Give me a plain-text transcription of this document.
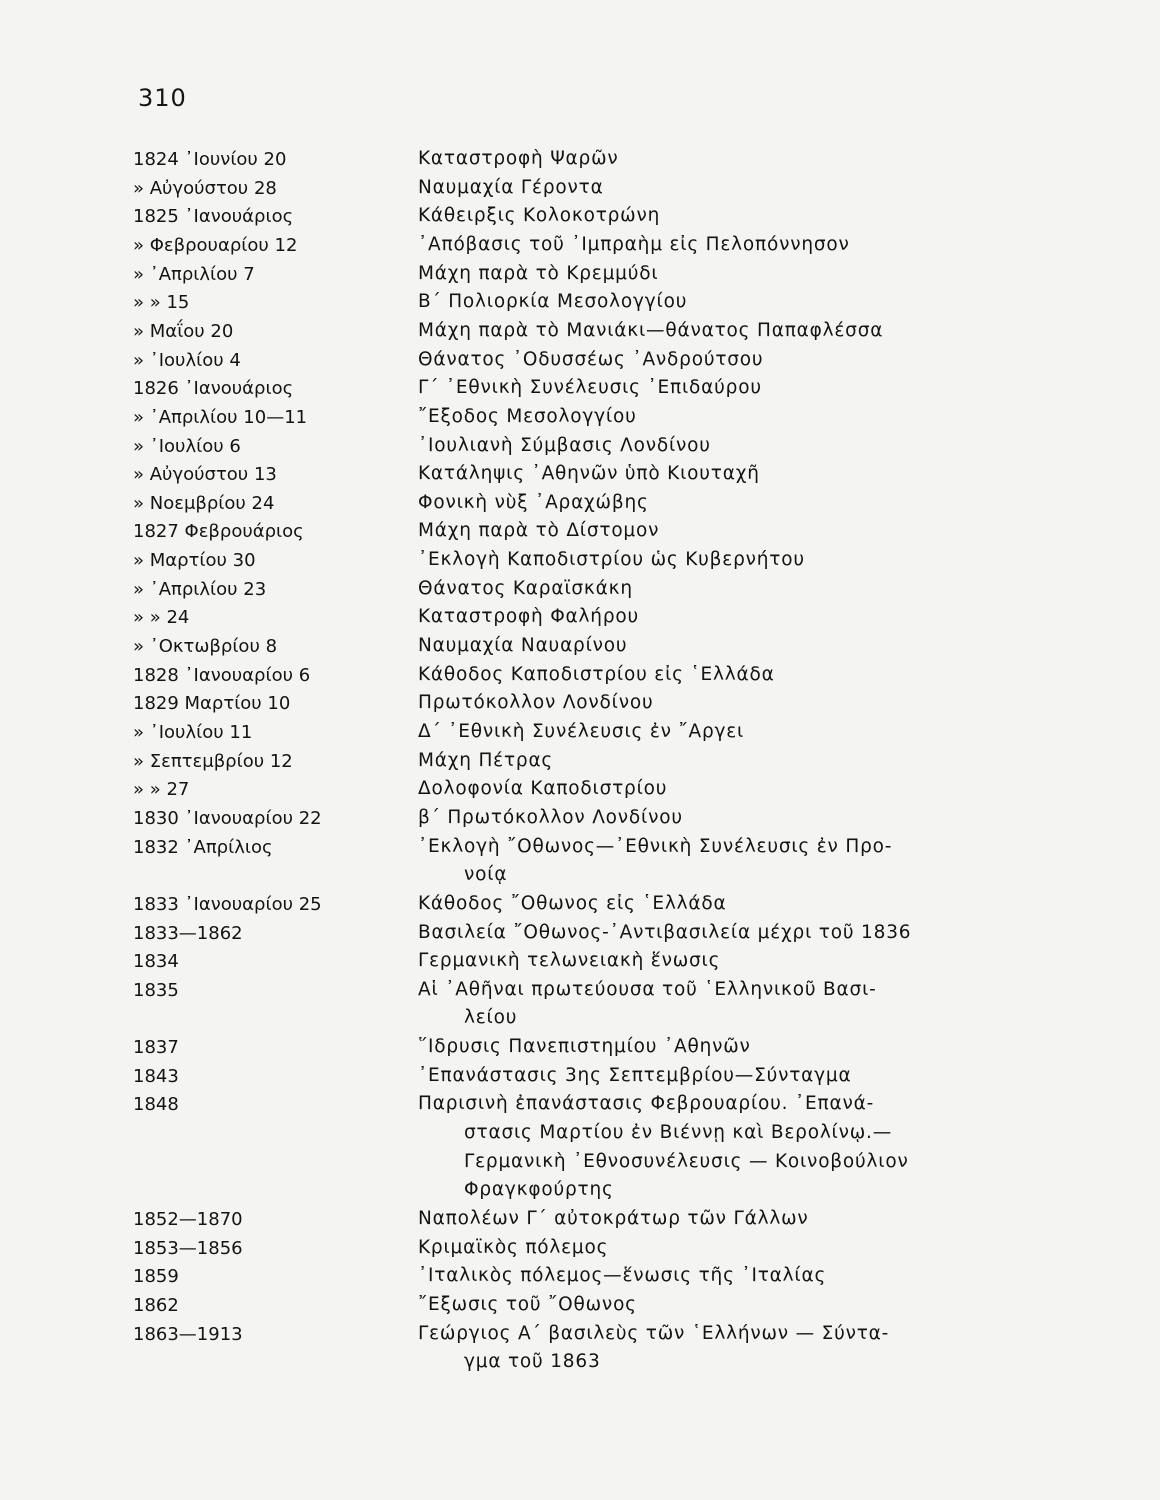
310
1824 ᾿Ιουνίου 20	Καταστροφὴ Ψαρῶν
» Αὐγούστου 28	Ναυμαχία Γέροντα
1825 ᾿Ιανουάριος	Κάθειρξις Κολοκοτρώνη
» Φεβρουαρίου 12	᾿Απόβασις τοῦ ᾿Ιμπραὴμ εἰς Πελοπόννησον
» ᾿Απριλίου 7	Μάχη παρὰ τὸ Κρεμμύδι
» » 15	Β΄ Πολιορκία Μεσολογγίου
» Μαΐου 20	Μάχη παρὰ τὸ Μανιάκι—θάνατος Παπαφλέσσα
» ᾿Ιουλίου 4	Θάνατος ᾿Οδυσσέως ᾿Ανδρούτσου
1826 ᾿Ιανουάριος	Γ΄ ᾿Εθνικὴ Συνέλευσις ᾿Επιδαύρου
» ᾿Απριλίου 10—11	῎Εξοδος Μεσολογγίου
» ᾿Ιουλίου 6	᾿Ιουλιανὴ Σύμβασις Λονδίνου
» Αὐγούστου 13	Κατάληψις ᾿Αθηνῶν ὑπὸ Κιουταχῆ
» Νοεμβρίου 24	Φονικὴ νὺξ ᾿Αραχώβης
1827 Φεβρουάριος	Μάχη παρὰ τὸ Δίστομον
» Μαρτίου 30	᾿Εκλογὴ Καποδιστρίου ὡς Κυβερνήτου
» ᾿Απριλίου 23	Θάνατος Καραϊσκάκη
» » 24	Καταστροφὴ Φαλήρου
» ᾿Οκτωβρίου 8	Ναυμαχία Ναυαρίνου
1828 ᾿Ιανουαρίου 6	Κάθοδος Καποδιστρίου εἰς ῾Ελλάδα
1829 Μαρτίου 10	Πρωτόκολλον Λονδίνου
» ᾿Ιουλίου 11	Δ΄ ᾿Εθνικὴ Συνέλευσις ἐν ῎Αργει
» Σεπτεμβρίου 12	Μάχη Πέτρας
» » 27	Δολοφονία Καποδιστρίου
1830 ᾿Ιανουαρίου 22	β΄ Πρωτόκολλον Λονδίνου
1832 ᾿Απρίλιος	᾿Εκλογὴ ῎Οθωνος—᾿Εθνικὴ Συνέλευσις ἐν Προ-
νοίᾳ
1833 ᾿Ιανουαρίου 25	Κάθοδος ῎Οθωνος εἰς ῾Ελλάδα
1833—1862	Βασιλεία ῎Οθωνος-᾿Αντιβασιλεία μέχρι τοῦ 1836
1834	Γερμανικὴ τελωνειακὴ ἕνωσις
1835	Αἱ ᾿Αθῆναι πρωτεύουσα τοῦ ῾Ελληνικοῦ Βασι-
λείου
1837	῞Ιδρυσις Πανεπιστημίου ᾿Αθηνῶν
1843	᾿Επανάστασις 3ης Σεπτεμβρίου—Σύνταγμα
1848	Παρισινὴ ἐπανάστασις Φεβρουαρίου. ᾿Επανά-
στασις Μαρτίου ἐν Βιέννῃ καὶ Βερολίνῳ.—
Γερμανικὴ ᾿Εθνοσυνέλευσις — Κοινοβούλιον
Φραγκφούρτης
1852—1870	Ναπολέων Γ΄ αὐτοκράτωρ τῶν Γάλλων
1853—1856	Κριμαϊκὸς πόλεμος
1859	᾿Ιταλικὸς πόλεμος—ἕνωσις τῆς ᾿Ιταλίας
1862	῎Εξωσις τοῦ ῎Οθωνος
1863—1913	Γεώργιος Α΄ βασιλεὺς τῶν ῾Ελλήνων — Σύντα-
γμα τοῦ 1863
